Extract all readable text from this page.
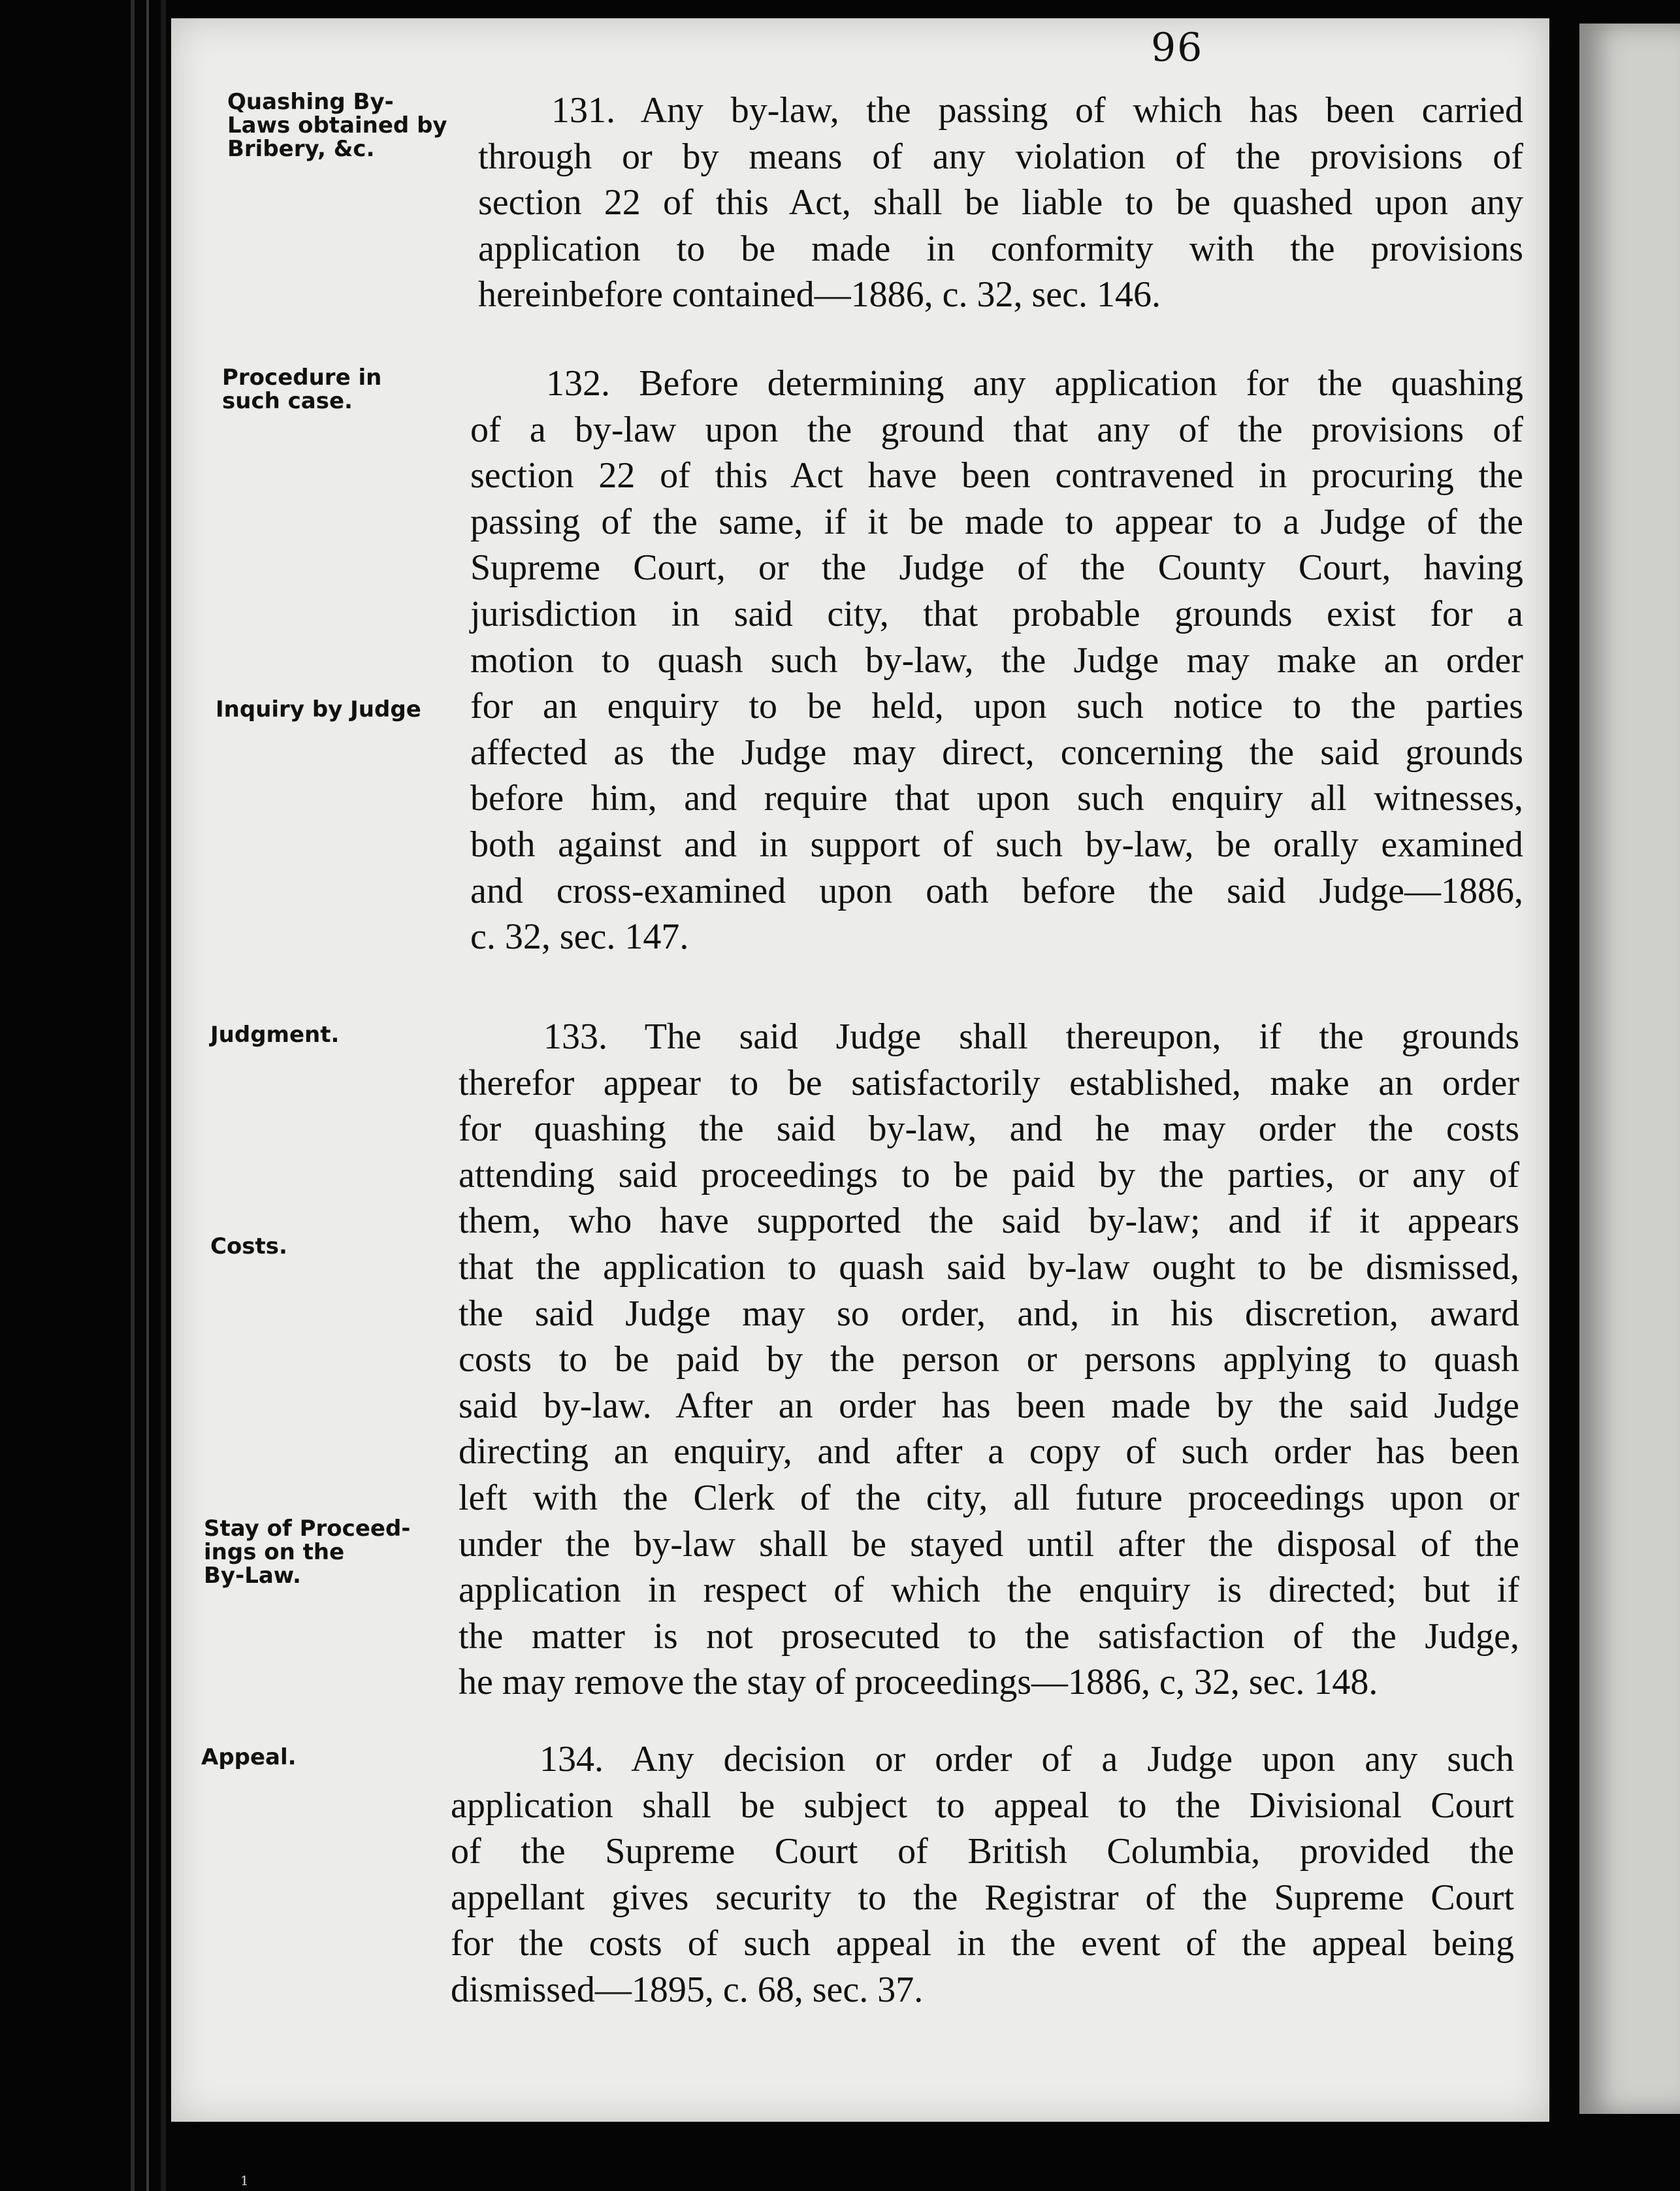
96
Quashing By-
Laws obtained by
Bribery, &c.
Procedure in
such case.
Inquiry by Judge
Judgment.
Costs.
Stay of Proceed-
ings on the
By-Law.
Appeal.
131. Any by-law, the passing of which has been carried
through or by means of any violation of the provisions of
section 22 of this Act, shall be liable to be quashed upon any
application to be made in conformity with the provisions
hereinbefore contained—1886, c. 32, sec. 146.
132. Before determining any application for the quashing
of a by-law upon the ground that any of the provisions of
section 22 of this Act have been contravened in procuring the
passing of the same, if it be made to appear to a Judge of the
Supreme Court, or the Judge of the County Court, having
jurisdiction in said city, that probable grounds exist for a
motion to quash such by-law, the Judge may make an order
for an enquiry to be held, upon such notice to the parties
affected as the Judge may direct, concerning the said grounds
before him, and require that upon such enquiry all witnesses,
both against and in support of such by-law, be orally examined
and cross-examined upon oath before the said Judge—1886,
c. 32, sec. 147.
133. The said Judge shall thereupon, if the grounds
therefor appear to be satisfactorily established, make an order
for quashing the said by-law, and he may order the costs
attending said proceedings to be paid by the parties, or any of
them, who have supported the said by-law; and if it appears
that the application to quash said by-law ought to be dismissed,
the said Judge may so order, and, in his discretion, award
costs to be paid by the person or persons applying to quash
said by-law. After an order has been made by the said Judge
directing an enquiry, and after a copy of such order has been
left with the Clerk of the city, all future proceedings upon or
under the by-law shall be stayed until after the disposal of the
application in respect of which the enquiry is directed; but if
the matter is not prosecuted to the satisfaction of the Judge,
he may remove the stay of proceedings—1886, c, 32, sec. 148.
134. Any decision or order of a Judge upon any such
application shall be subject to appeal to the Divisional Court
of the Supreme Court of British Columbia, provided the
appellant gives security to the Registrar of the Supreme Court
for the costs of such appeal in the event of the appeal being
dismissed—1895, c. 68, sec. 37.
1
